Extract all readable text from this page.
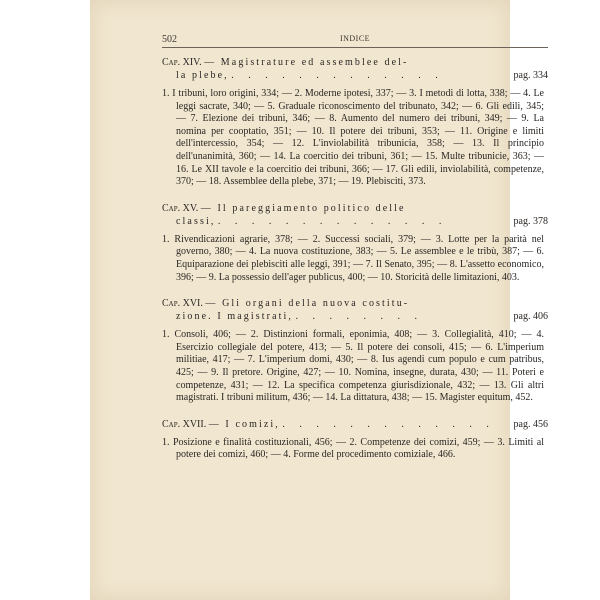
502	INDICE
Cap. XIV. — Magistrature ed assemblee del-
la plebe, . . . . . . . . . . . . .	pag. 334
1. I tribuni, loro origini, 334; — 2. Moderne ipotesi, 337; — 3. I metodi di lotta, 338; — 4. Le leggi sacrate, 340; — 5. Graduale riconoscimento del tribunato, 342; — 6. Gli edili, 345; — 7. Elezione dei tribuni, 346; — 8. Aumento del numero dei tribuni, 349; — 9. La nomina per cooptatio, 351; — 10. Il potere dei tribuni, 353; — 11. Origine e limiti dell'intercessio, 354; — 12. L'inviolabilità tribunicia, 358; — 13. Il principio dell'unanimità, 360; — 14. La coercitio dei tribuni, 361; — 15. Multe tribunicie, 363; — 16. Le XII tavole e la coercitio dei tribuni, 366; — 17. Gli edili, inviolabilità, competenze, 370; — 18. Assemblee della plebe, 371; — 19. Plebisciti, 373.
Cap. XV. — Il pareggiamento politico delle
classi, . . . . . . . . . . . . . .	pag. 378
1. Rivendicazioni agrarie, 378; — 2. Successi sociali, 379; — 3. Lotte per la parità nel governo, 380; — 4. La nuova costituzione, 383; — 5. Le assemblee e le tribù, 387; — 6. Equiparazione dei plebisciti alle leggi, 391; — 7. Il Senato, 395; — 8. L'assetto economico, 396; — 9. La possessio dell'ager publicus, 400; — 10. Storicità delle limitazioni, 403.
Cap. XVI. — Gli organi della nuova costitu-
zione. I magistrati, . . . . . . . .	pag. 406
1. Consoli, 406; — 2. Distinzioni formali, eponimia, 408; — 3. Collegialità, 410; — 4. Esercizio collegiale del potere, 413; — 5. Il potere dei consoli, 415; — 6. L'imperium militiae, 417; — 7. L'imperium domi, 430; — 8. Ius agendi cum populo e cum patribus, 425; — 9. Il pretore. Origine, 427; — 10. Nomina, insegne, durata, 430; — 11. Poteri e competenze, 431; — 12. La specifica competenza giurisdizionale, 432; — 13. Gli altri magistrati. I tribuni militum, 436; — 14. La dittatura, 438; — 15. Magister equitum, 452.
Cap. XVII. — I comizi, . . . . . . . . . . . . . pag. 456
1. Posizione e finalità costituzionali, 456; — 2. Competenze dei comizi, 459; — 3. Limiti al potere dei comizi, 460; — 4. Forme del procedimento comiziale, 466.
